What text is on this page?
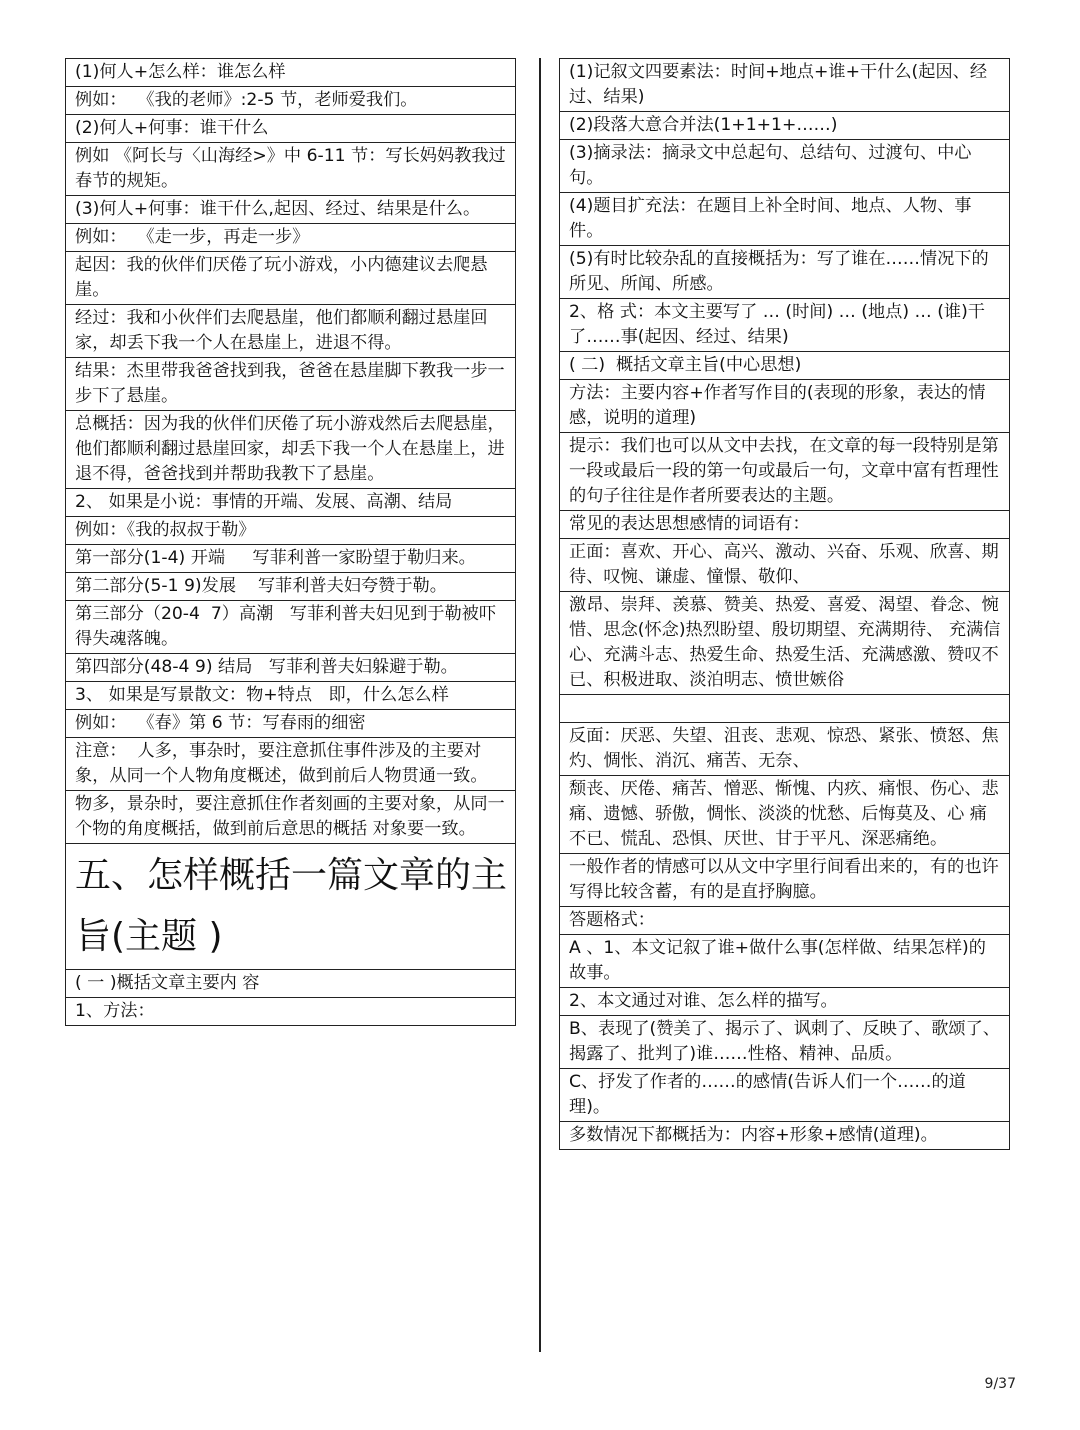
(1)何人+怎么样：谁怎么样
例如：  《我的老师》:2-5 节，老师爱我们。
(2)何人+何事：谁干什么
例如 《阿长与〈山海经>》中 6-11 节：写长妈妈教我过春节的规矩。
(3)何人+何事：谁干什么,起因、经过、结果是什么。
例如：  《走一步，再走一步》
起因：我的伙伴们厌倦了玩小游戏，小内德建议去爬悬崖。
经过：我和小伙伴们去爬悬崖，他们都顺利翻过悬崖回家，却丢下我一个人在悬崖上，进退不得。
结果：杰里带我爸爸找到我，爸爸在悬崖脚下教我一步一步下了悬崖。
总概括：因为我的伙伴们厌倦了玩小游戏然后去爬悬崖，他们都顺利翻过悬崖回家，却丢下我一个人在悬崖上，进退不得，爸爸找到并帮助我教下了悬崖。
2、 如果是小说：事情的开端、发展、高潮、结局
例如：《我的叔叔于勒》
第一部分(1-4) 开端     写菲利普一家盼望于勒归来。
第二部分(5-1 9)发展    写菲利普夫妇夸赞于勒。
第三部分（20-4  7）高潮   写菲利普夫妇见到于勒被吓得失魂落魄。
第四部分(48-4 9) 结局   写菲利普夫妇躲避于勒。
3、 如果是写景散文：物+特点   即，什么怎么样
例如：  《春》第 6 节：写春雨的细密
注意：  人多，事杂时，要注意抓住事件涉及的主要对象，从同一个人物角度概述，做到前后人物贯通一致。
物多，景杂时，要注意抓住作者刻画的主要对象，从同一个物的角度概括，做到前后意思的概括 对象要一致。
五、怎样概括一篇文章的主旨(主题 )
( 一 )概括文章主要内 容
1、方法：
(1)记叙文四要素法：时间+地点+谁+干什么(起因、经过、结果)
(2)段落大意合并法(1+1+1+……)
(3)摘录法：摘录文中总起句、总结句、过渡句、中心句。
(4)题目扩充法：在题目上补全时间、地点、人物、事件。
(5)有时比较杂乱的直接概括为：写了谁在……情况下的所见、所闻、所感。
2、格 式：本文主要写了 … (时间) … (地点) … (谁)干了……事(起因、经过、结果)
( 二)  概括文章主旨(中心思想)
方法：主要内容+作者写作目的(表现的形象，表达的情感，说明的道理)
提示：我们也可以从文中去找，在文章的每一段特别是第一段或最后一段的第一句或最后一句，文章中富有哲理性的句子往往是作者所要表达的主题。
常见的表达思想感情的词语有：
正面：喜欢、开心、高兴、激动、兴奋、乐观、欣喜、期待、叹惋、谦虚、憧憬、敬仰、
激昂、崇拜、羡慕、赞美、热爱、喜爱、渴望、眷念、惋惜、思念(怀念)热烈盼望、殷切期望、充满期待、 充满信心、充满斗志、热爱生命、热爱生活、充满感激、赞叹不已、积极进取、淡泊明志、愤世嫉俗
反面：厌恶、失望、沮丧、悲观、惊恐、紧张、愤怒、焦灼、惆怅、消沉、痛苦、无奈、
颓丧、厌倦、痛苦、憎恶、惭愧、内疚、痛恨、伤心、悲痛、遗憾、骄傲，惆怅、淡淡的忧愁、后悔莫及、心 痛不已、慌乱、恐惧、厌世、甘于平凡、深恶痛绝。
一般作者的情感可以从文中字里行间看出来的，有的也许写得比较含蓄，有的是直抒胸臆。
答题格式：
A 、1、本文记叙了谁+做什么事(怎样做、结果怎样)的故事。
2、本文通过对谁、怎么样的描写。
B、表现了(赞美了、揭示了、讽刺了、反映了、歌颂了、揭露了、批判了)谁……性格、精神、品质。
C、抒发了作者的……的感情(告诉人们一个……的道理)。
多数情况下都概括为：内容+形象+感情(道理)。
9/37
